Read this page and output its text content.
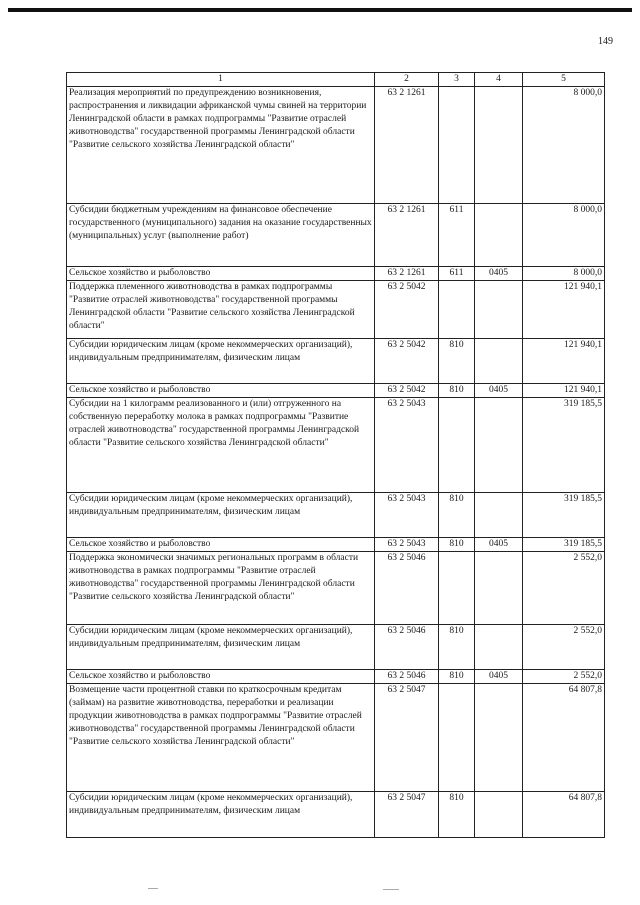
149
1	2	3	4	5
Реализация мероприятий по предупреждению возникновения, распространения и ликвидации африканской чумы свиней на территории Ленинградской области в рамках подпрограммы "Развитие отраслей животноводства" государственной программы Ленинградской области "Развитие сельского хозяйства Ленинградской области"	63 2 1261			8 000,0
Субсидии бюджетным учреждениям на финансовое обеспечение государственного (муниципального) задания на оказание государственных (муниципальных) услуг (выполнение работ)	63 2 1261	611		8 000,0
Сельское хозяйство и рыболовство	63 2 1261	611	0405	8 000,0
Поддержка племенного животноводства в рамках подпрограммы "Развитие отраслей животноводства" государственной программы Ленинградской области "Развитие сельского хозяйства Ленинградской области"	63 2 5042			121 940,1
Субсидии юридическим лицам (кроме некоммерческих организаций), индивидуальным предпринимателям, физическим лицам	63 2 5042	810		121 940,1
Сельское хозяйство и рыболовство	63 2 5042	810	0405	121 940,1
Субсидии на 1 килограмм реализованного и (или) отгруженного на собственную переработку молока в рамках подпрограммы "Развитие отраслей животноводства" государственной программы Ленинградской области "Развитие сельского хозяйства Ленинградской области"	63 2 5043			319 185,5
Субсидии юридическим лицам (кроме некоммерческих организаций), индивидуальным предпринимателям, физическим лицам	63 2 5043	810		319 185,5
Сельское хозяйство и рыболовство	63 2 5043	810	0405	319 185,5
Поддержка экономически значимых региональных программ в области животноводства в рамках подпрограммы "Развитие отраслей животноводства" государственной программы Ленинградской области "Развитие сельского хозяйства Ленинградской области"	63 2 5046			2 552,0
Субсидии юридическим лицам (кроме некоммерческих организаций), индивидуальным предпринимателям, физическим лицам	63 2 5046	810		2 552,0
Сельское хозяйство и рыболовство	63 2 5046	810	0405	2 552,0
Возмещение части процентной ставки по краткосрочным кредитам (займам) на развитие животноводства, переработки и реализации продукции животноводства в рамках подпрограммы "Развитие отраслей животноводства" государственной программы Ленинградской области "Развитие сельского хозяйства Ленинградской области"	63 2 5047			64 807,8
Субсидии юридическим лицам (кроме некоммерческих организаций), индивидуальным предпринимателям, физическим лицам	63 2 5047	810		64 807,8
